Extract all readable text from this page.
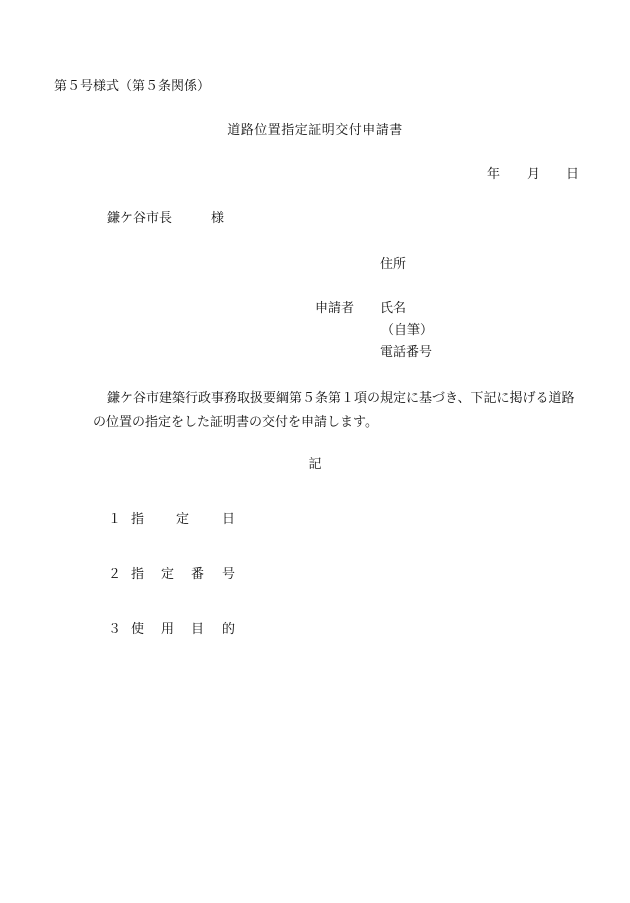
第５号様式（第５条関係）
道路位置指定証明交付申請書
年 月 日
鎌ケ谷市長	様
住所
申請者 氏名
（自筆）
電話番号
鎌ケ谷市建築行政事務取扱要綱第５条第１項の規定に基づき、下記に掲げる道路の位置の指定をした証明書の交付を申請します。
記
１ 指 定	日
２ 指 定 番 号
３ 使 用 目 的
